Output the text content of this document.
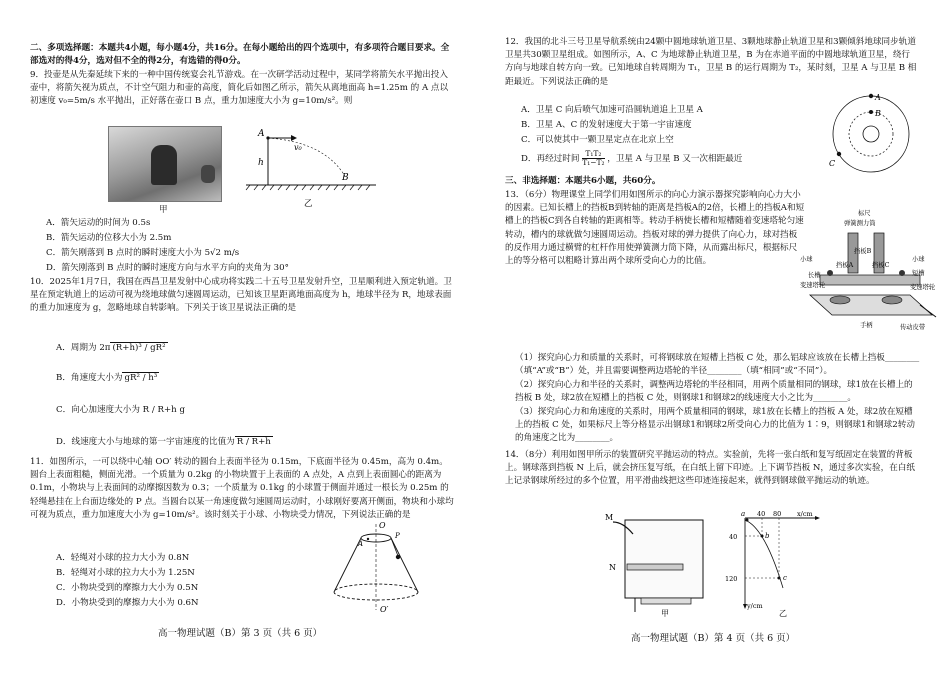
二、多项选择题：本题共4小题，每小题4分，共16分。在每小题给出的四个选项中，有多项符合题目要求。全部选对的得4分，选对但不全的得2分，有选错的得0分。

9．投壶是从先秦延续下来的一种中国传统宴会礼节游戏。在一次研学活动过程中，某同学将箭矢水平抛出投入壶中，将箭矢视为质点，不计空气阻力和壶的高度，简化后如图乙所示，箭矢从离地面高 h=1.25m 的 A 点以初速度 v₀=5m/s 水平抛出，正好落在壶口 B 点，重力加速度大小为 g=10m/s²。则

甲
A
h
v₀
B
乙
A．箭矢运动的时间为 0.5s
B．箭矢运动的位移大小为 2.5m
C．箭矢刚落到 B 点时的瞬时速度大小为 5√2 m/s
D．箭矢刚落到 B 点时的瞬时速度方向与水平方向的夹角为 30°

10．2025年1月7日，我国在西昌卫星发射中心成功将实践二十五号卫星发射升空，卫星顺利进入预定轨道。卫星在预定轨道上的运动可视为绕地球做匀速圆周运动，已知该卫星距离地面高度为 h，地球半径为 R，地球表面的重力加速度为 g，忽略地球自转影响。下列关于该卫星说法正确的是

A．周期为 2π (R+h)³ / gR²
B．角速度大小为 gR² / h³
C．向心加速度大小为 R / R+h g
D．线速度大小与地球的第一宇宙速度的比值为 R / R+h

11．如图所示，一可以绕中心轴 OO′ 转动的圆台上表面半径为 0.15m，下底面半径为 0.45m，高为 0.4m。圆台上表面粗糙，侧面光滑。一个质量为 0.2kg 的小物块置于上表面的 A 点处，A 点到上表面圆心的距离为 0.1m，小物块与上表面间的动摩擦因数为 0.3；一个质量为 0.1kg 的小球置于侧面并通过一根长为 0.25m 的轻绳悬挂在上台面边缘处的 P 点。当圆台以某一角速度做匀速圆周运动时，小球刚好要离开侧面，物块和小球均可视为质点，重力加速度大小为 g=10m/s²。该时刻关于小球、小物块受力情况，下列说法正确的是

A．轻绳对小球的拉力大小为 0.8N
B．轻绳对小球的拉力大小为 1.25N
C．小物块受到的摩擦力大小为 0.5N
D．小物块受到的摩擦力大小为 0.6N
O
A
P
O′
高一物理试题（B）第 3 页（共 6 页）

12．我国的北斗三号卫星导航系统由24颗中圆地球轨道卫星、3颗地球静止轨道卫星和3颗倾斜地球同步轨道卫星共30颗卫星组成。如图所示，A、C 为地球静止轨道卫星，B 为在赤道平面的中圆地球轨道卫星，绕行方向与地球自转方向一致。已知地球自转周期为 T₁，卫星 B 的运行周期为 T₂，某时刻，卫星 A 与卫星 B 相距最近。下列说法正确的是

A．卫星 C 向后喷气加速可沿圆轨道追上卫星 A
B．卫星 A、C 的发射速度大于第一宇宙速度
C．可以使其中一颗卫星定点在北京上空
D．再经过时间 $\frac{\text{T₁T₂}}{\text{T₁−T₂}}$ ，卫星 A 与卫星 B 又一次相距最近
A
B
C

三、非选择题：本题共6小题，共60分。

13．（6分）物理课堂上同学们用如图所示的向心力演示器探究影响向心力大小的因素。已知长槽上的挡板B到转轴的距离是挡板A的2倍，长槽上的挡板A和短槽上的挡板C到各自转轴的距离相等。转动手柄使长槽和短槽随着变速塔轮匀速转动，槽内的球就做匀速圆周运动。挡板对球的弹力提供了向心力，球对挡板的反作用力通过横臂的杠杆作用使弹簧测力筒下降，从而露出标尺，根据标尺上的等分格可以粗略计算出两个球所受向心力的比值。

标尺
弹簧测力筒
小球
挡板B
挡板A	挡板C
小球
短槽
变速塔轮
长槽
变速塔轮
传动皮带
手柄

（1）探究向心力和质量的关系时，可将钢球放在短槽上挡板 C 处，那么铝球应该放在长槽上挡板________（填“A”或“B”）处，并且需要调整两边塔轮的半径________（填“相同”或“不同”）。

（2）探究向心力和半径的关系时，调整两边塔轮的半径相同，用两个质量相同的钢球，球1放在长槽上的挡板 B 处，球2放在短槽上的挡板 C 处，则钢球1和钢球2的线速度大小之比为________。

（3）探究向心力和角速度的关系时，用两个质量相同的钢球，球1放在长槽上的挡板 A 处，球2放在短槽上的挡板 C 处，如果标尺上等分格显示出钢球1和钢球2所受向心力的比值为 1∶9，则钢球1和钢球2转动的角速度之比为________。

14．（8分）利用如图甲所示的装置研究平抛运动的特点。实验前，先将一张白纸和复写纸固定在装置的背板上。钢球落到挡板 N 上后，就会挤压复写纸，在白纸上留下印迹。上下调节挡板 N，通过多次实验，在白纸上记录钢球所经过的多个位置，用平滑曲线把这些印迹连接起来，就得到钢球做平抛运动的轨迹。

M
N
甲
a
b
c
40 80 x/cm
40
120
y/cm
乙
高一物理试题（B）第 4 页（共 6 页）
